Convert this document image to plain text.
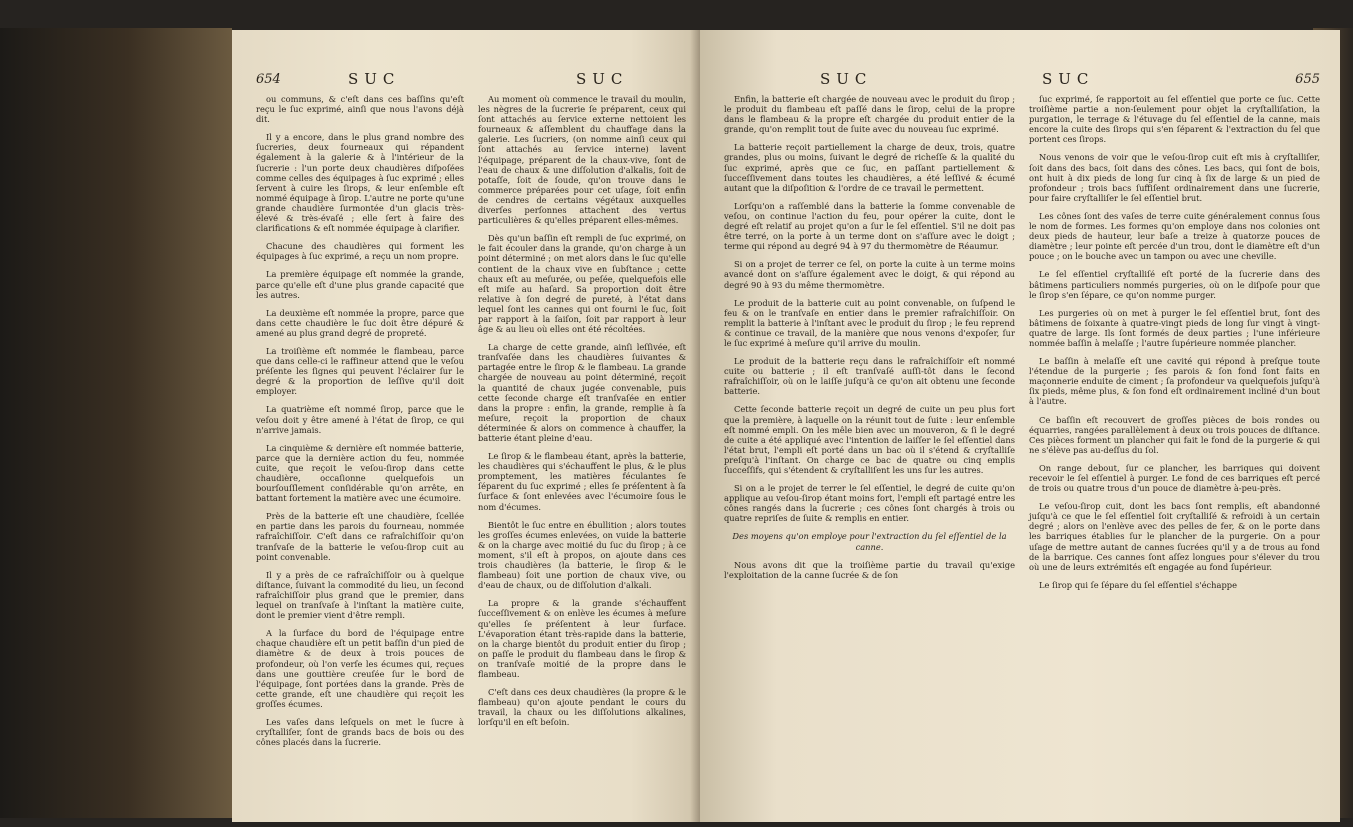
654	SUC	SUC

ou communs, & c'eſt dans ces baſſins qu'eſt reçu le ſuc exprimé, ainſi que nous l'avons déjà dit.

Il y a encore, dans le plus grand nombre des ſucreries, deux fourneaux qui répandent également à la galerie & à l'intérieur de la ſucrerie : l'un porte deux chaudières diſpoſées comme celles des équipages à ſuc exprimé ; elles ſervent à cuire les ſirops, & leur enſemble eſt nommé équipage à ſirop. L'autre ne porte qu'une grande chaudière ſurmontée d'un glacis très-élevé & très-évaſé ; elle ſert à faire des clarifications & eſt nommée équipage à clarifier.

Chacune des chaudières qui forment les équipages à ſuc exprimé, a reçu un nom propre.

La première équipage eſt nommée la grande, parce qu'elle eſt d'une plus grande capacité que les autres.

La deuxième eſt nommée la propre, parce que dans cette chaudière le ſuc doit être dépuré & amené au plus grand degré de propreté.

La troiſième eſt nommée le flambeau, parce que dans celle-ci le raffineur attend que le veſou préſente les ſignes qui peuvent l'éclairer ſur le degré & la proportion de leſſive qu'il doit employer.

La quatrième eſt nommé ſirop, parce que le veſou doit y être amené à l'état de ſirop, ce qui n'arrive jamais.

La cinquième & dernière eſt nommée batterie, parce que la dernière action du feu, nommée cuite, que reçoit le veſou-ſirop dans cette chaudière, occaſionne quelquefois un bourſouſſlement conſidérable qu'on arrête, en battant fortement la matière avec une écumoire.

Près de la batterie eſt une chaudière, ſcellée en partie dans les parois du fourneau, nommée rafraîchiſſoir. C'eſt dans ce rafraîchiſſoir qu'on tranſvaſe de la batterie le veſou-ſirop cuit au point convenable.

Il y a près de ce rafraîchiſſoir ou à quelque diſtance, ſuivant la commodité du lieu, un ſecond rafraîchiſſoir plus grand que le premier, dans lequel on tranſvaſe à l'inſtant la matière cuite, dont le premier vient d'être rempli.

A la ſurface du bord de l'équipage entre chaque chaudière eſt un petit baſſin d'un pied de diamètre & de deux à trois pouces de profondeur, où l'on verſe les écumes qui, reçues dans une gouttière creuſée ſur le bord de l'équipage, ſont portées dans la grande. Près de cette grande, eſt une chaudière qui reçoit les groſſes écumes.

Les vaſes dans leſquels on met le ſucre à cryſtalliſer, ſont de grands bacs de bois ou des cônes placés dans la ſucrerie.

Au moment où commence le travail du moulin, les nègres de la ſucrerie ſe préparent, ceux qui ſont attachés au ſervice externe nettoient les fourneaux & aſſemblent du chauffage dans la galerie. Les ſucriers, (on nomme ainſi ceux qui ſont attachés au ſervice interne) lavent l'équipage, préparent de la chaux-vive, ſont de l'eau de chaux & une diſſolution d'alkalis, ſoit de potaſſe, ſoit de ſoude, qu'on trouve dans le commerce préparées pour cet uſage, ſoit enfin de cendres de certains végétaux auxquelles diverſes perſonnes attachent des vertus particulières & qu'elles préparent elles-mêmes.

Dès qu'un baſſin eſt rempli de ſuc exprimé, on le fait écouler dans la grande, qu'on charge à un point déterminé ; on met alors dans le ſuc qu'elle contient de la chaux vive en ſubſtance ; cette chaux eſt au meſurée, ou peſée, quelquefois elle eſt miſe au haſard. Sa proportion doit être relative à ſon degré de pureté, à l'état dans lequel ſont les cannes qui ont fourni le ſuc, ſoit par rapport à la ſaiſon, ſoit par rapport à leur âge & au lieu où elles ont été récoltées.

La charge de cette grande, ainſi leſſivée, eſt tranſvaſée dans les chaudières ſuivantes & partagée entre le ſirop & le flambeau. La grande chargée de nouveau au point déterminé, reçoit la quantité de chaux jugée convenable, puis cette ſeconde charge eſt tranſvaſée en entier dans la propre : enfin, la grande, remplie à ſa meſure, reçoit la proportion de chaux déterminée & alors on commence à chauffer, la batterie étant pleine d'eau.

Le ſirop & le flambeau étant, après la batterie, les chaudières qui s'échauffent le plus, & le plus promptement, les matières féculantes ſe ſéparent du ſuc exprimé ; elles ſe préſentent à ſa ſurface & ſont enlevées avec l'écumoire ſous le nom d'écumes.

Bientôt le ſuc entre en ébullition ; alors toutes les groſſes écumes enlevées, on vuide la batterie & on la charge avec moitié du ſuc du ſirop ; à ce moment, s'il eſt à propos, on ajoute dans ces trois chaudières (la batterie, le ſirop & le flambeau) ſoit une portion de chaux vive, ou d'eau de chaux, ou de diſſolution d'alkali.

La propre & la grande s'échauffent ſucceſſivement & on enlève les écumes à meſure qu'elles ſe préſentent à leur ſurface. L'évaporation étant très-rapide dans la batterie, on la charge bientôt du produit entier du ſirop ; on paſſe le produit du flambeau dans le ſirop & on tranſvaſe moitié de la propre dans le flambeau.

C'eſt dans ces deux chaudières (la propre & le flambeau) qu'on ajoute pendant le cours du travail, la chaux ou les diſſolutions alkalines, lorſqu'il en eſt beſoin.

SUC	SUC	655

Enfin, la batterie eſt chargée de nouveau avec le produit du ſirop ; le produit du flambeau eſt paſſé dans le ſirop, celui de la propre dans le flambeau & la propre eſt chargée du produit entier de la grande, qu'on remplit tout de ſuite avec du nouveau ſuc exprimé.

La batterie reçoit partiellement la charge de deux, trois, quatre grandes, plus ou moins, ſuivant le degré de richeſſe & la qualité du ſuc exprimé, après que ce ſuc, en paſſant partiellement & ſucceſſivement dans toutes les chaudières, a été leſſivé & écumé autant que la diſpoſition & l'ordre de ce travail le permettent.

Lorſqu'on a raſſemblé dans la batterie la ſomme convenable de veſou, on continue l'action du feu, pour opérer la cuite, dont le degré eſt relatif au projet qu'on a ſur le ſel eſſentiel. S'il ne doit pas être terré, on la porte à un terme dont on s'aſſure avec le doigt ; terme qui répond au degré 94 à 97 du thermomètre de Réaumur.

Si on a projet de terrer ce ſel, on porte la cuite à un terme moins avancé dont on s'aſſure également avec le doigt, & qui répond au degré 90 à 93 du même thermomètre.

Le produit de la batterie cuit au point convenable, on ſuſpend le feu & on le tranſvaſe en entier dans le premier rafraîchiſſoir. On remplit la batterie à l'inſtant avec le produit du ſirop ; le feu reprend & continue ce travail, de la manière que nous venons d'expoſer, ſur le ſuc exprimé à meſure qu'il arrive du moulin.

Le produit de la batterie reçu dans le rafraîchiſſoir eſt nommé cuite ou batterie ; il eſt tranſvaſé auſſi-tôt dans le ſecond rafraîchiſſoir, où on le laiſſe juſqu'à ce qu'on ait obtenu une ſeconde batterie.

Cette ſeconde batterie reçoit un degré de cuite un peu plus fort que la première, à laquelle on la réunit tout de ſuite : leur enſemble eſt nommé empli. On les mêle bien avec un mouveron, & ſi le degré de cuite a été appliqué avec l'intention de laiſſer le ſel eſſentiel dans l'état brut, l'empli eſt porté dans un bac où il s'étend & cryſtalliſe preſqu'à l'inſtant. On charge ce bac de quatre ou cinq emplis ſucceſſifs, qui s'étendent & cryſtalliſent les uns ſur les autres.

Si on a le projet de terrer le ſel eſſentiel, le degré de cuite qu'on applique au veſou-ſirop étant moins fort, l'empli eſt partagé entre les cônes rangés dans la ſucrerie ; ces cônes ſont chargés à trois ou quatre repriſes de ſuite & remplis en entier.

Des moyens qu'on employe pour l'extraction du ſel eſſentiel de la canne.

Nous avons dit que la troiſième partie du travail qu'exige l'exploitation de la canne ſucrée & de ſon

ſuc exprimé, ſe rapportoit au ſel eſſentiel que porte ce ſuc. Cette troiſième partie a non-ſeulement pour objet la cryſtalliſation, la purgation, le terrage & l'étuvage du ſel eſſentiel de la canne, mais encore la cuite des ſirops qui s'en ſéparent & l'extraction du ſel que portent ces ſirops.

Nous venons de voir que le veſou-ſirop cuit eſt mis à cryſtalliſer, ſoit dans des bacs, ſoit dans des cônes. Les bacs, qui ſont de bois, ont huit à dix pieds de long ſur cinq à ſix de large & un pied de profondeur ; trois bacs ſuffiſent ordinairement dans une ſucrerie, pour faire cryſtalliſer le ſel eſſentiel brut.

Les cônes ſont des vaſes de terre cuite généralement connus ſous le nom de formes. Les formes qu'on employe dans nos colonies ont deux pieds de hauteur, leur baſe a treize à quatorze pouces de diamètre ; leur pointe eſt percée d'un trou, dont le diamètre eſt d'un pouce ; on le bouche avec un tampon ou avec une cheville.

Le ſel eſſentiel cryſtalliſé eſt porté de la ſucrerie dans des bâtimens particuliers nommés purgeries, où on le diſpoſe pour que le ſirop s'en ſépare, ce qu'on nomme purger.

Les purgeries où on met à purger le ſel eſſentiel brut, ſont des bâtimens de ſoixante à quatre-vingt pieds de long ſur vingt à vingt-quatre de large. Ils ſont formés de deux parties ; l'une inférieure nommée baſſin à melaſſe ; l'autre ſupérieure nommée plancher.

Le baſſin à melaſſe eſt une cavité qui répond à preſque toute l'étendue de la purgerie ; ſes parois & ſon fond ſont faits en maçonnerie enduite de ciment ; ſa profondeur va quelquefois juſqu'à ſix pieds, même plus, & ſon fond eſt ordinairement incliné d'un bout à l'autre.

Ce baſſin eſt recouvert de groſſes pièces de bois rondes ou équarries, rangées parallèlement à deux ou trois pouces de diſtance. Ces pièces forment un plancher qui fait le fond de la purgerie & qui ne s'élève pas au-deſſus du ſol.

On range debout, ſur ce plancher, les barriques qui doivent recevoir le ſel eſſentiel à purger. Le fond de ces barriques eſt percé de trois ou quatre trous d'un pouce de diamètre à-peu-près.

Le veſou-ſirop cuit, dont les bacs ſont remplis, eſt abandonné juſqu'à ce que le ſel eſſentiel ſoit cryſtalliſé & refroidi à un certain degré ; alors on l'enlève avec des pelles de fer, & on le porte dans les barriques établies ſur le plancher de la purgerie. On a pour uſage de mettre autant de cannes ſucrées qu'il y a de trous au fond de la barrique. Ces cannes ſont aſſez longues pour s'élever du trou où une de leurs extrémités eſt engagée au fond ſupérieur.

Le ſirop qui ſe ſépare du ſel eſſentiel s'échappe
